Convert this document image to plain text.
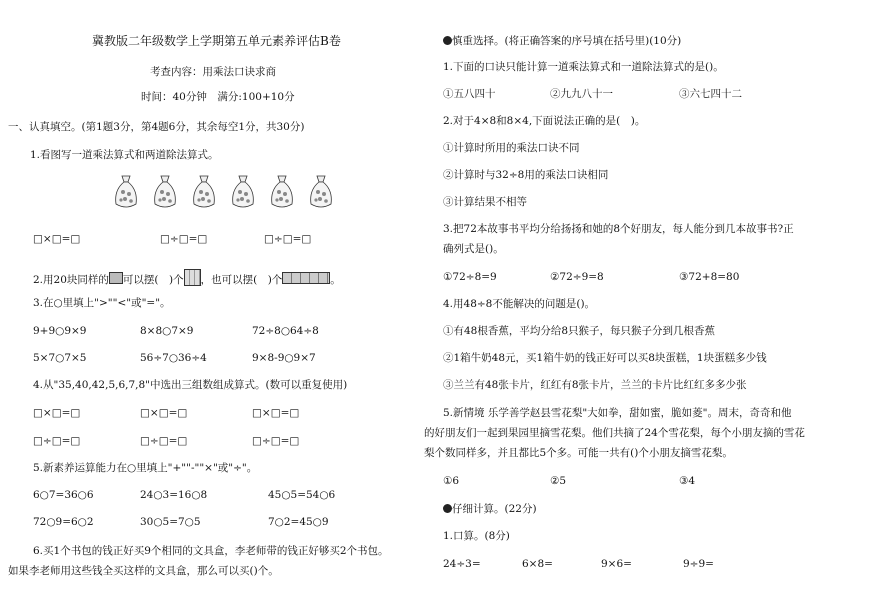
冀教版二年级数学上学期第五单元素养评估B卷
考查内容：用乘法口诀求商
时间：40分钟　满分:100+10分
一、认真填空。(第1题3分，第4题6分，其余每空1分，共30分)
1.看图写一道乘法算式和两道除法算式。
□×□=□	□÷□=□	□÷□=□
2.用20块同样的 可以摆(　)个 ，也可以摆(　)个	。
3.在○里填上">""<"或"="。
9+9○9×9	8×8○7×9	72÷8○64÷8
5×7○7×5	56÷7○36÷4	9×8-9○9×7
4.从"35,40,42,5,6,7,8"中选出三组数组成算式。(数可以重复使用)
□×□=□	□×□=□	□×□=□
□÷□=□	□÷□=□	□÷□=□
5.新素养运算能力在○里填上"+""-""×"或"÷"。
6○7=36○6	24○3=16○8	45○5=54○6
72○9=6○2	30○5=7○5	7○2=45○9
6.买1个书包的钱正好买9个相同的文具盒，李老师带的钱正好够买2个书包。
如果李老师用这些钱全买这样的文具盒，那么可以买()个。
慎重选择。(将正确答案的序号填在括号里)(10分)
1.下面的口诀只能计算一道乘法算式和一道除法算式的是()。
①五八四十	②九九八十一	③六七四十二
2.对于4×8和8×4,下面说法正确的是(　)。
①计算时所用的乘法口诀不同
②计算时与32÷8用的乘法口诀相同
③计算结果不相等
3.把72本故事书平均分给扬扬和她的8个好朋友，每人能分到几本故事书?正
确列式是()。
①72÷8=9	②72÷9=8	③72+8=80
4.用48÷8不能解决的问题是()。
①有48根香蕉，平均分给8只猴子，每只猴子分到几根香蕉
②1箱牛奶48元，买1箱牛奶的钱正好可以买8块蛋糕，1块蛋糕多少钱
③兰兰有48张卡片，红红有8张卡片，兰兰的卡片比红红多多少张
5.新情境 乐学善学赵县雪花梨"大如拳，甜如蜜，脆如菱"。周末，奇奇和他
的好朋友们一起到果园里摘雪花梨。他们共摘了24个雪花梨，每个小朋友摘的雪花
梨个数同样多，并且都比5个多。可能一共有()个小朋友摘雪花梨。
①6	②5	③4
仔细计算。(22分)
1.口算。(8分)
24÷3=	6×8=	9×6=	9÷9=
